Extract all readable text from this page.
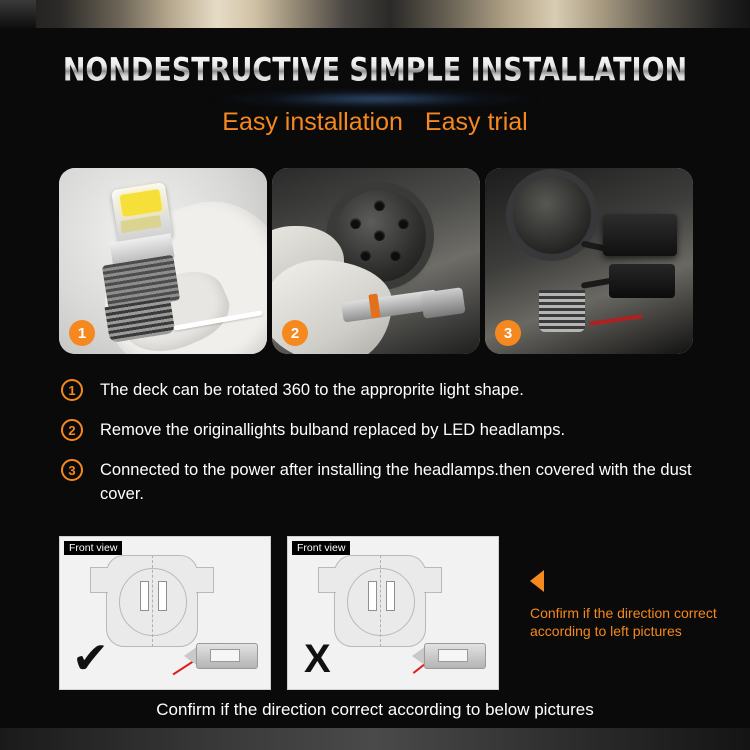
NONDESTRUCTIVE SIMPLE INSTALLATION
Easy installation Easy trial
1	2	3
1	The deck can be rotated 360 to the approprite light shape.
2	Remove the originallights bulband replaced by LED headlamps.
3	Connected to the power after installing the headlamps.then covered with the dust cover.
Front view
✔
Front view
X
Confirm if the direction correct according to left pictures
Confirm if the direction correct according to below pictures
